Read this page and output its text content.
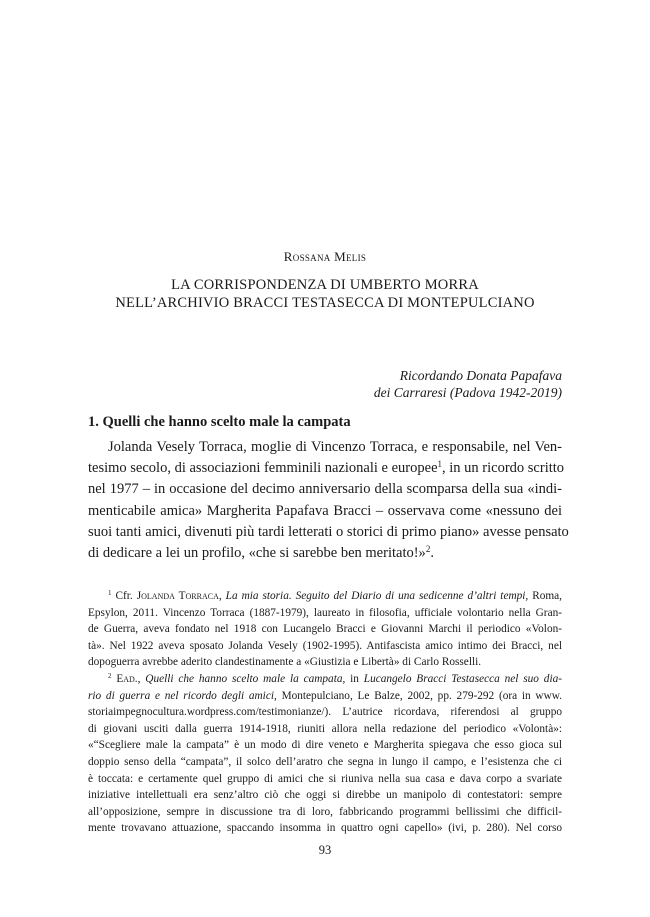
Rossana Melis
LA CORRISPONDENZA DI UMBERTO MORRA
NELL’ARCHIVIO BRACCI TESTASECCA DI MONTEPULCIANO
Ricordando Donata Papafava
dei Carraresi (Padova 1942-2019)
1. Quelli che hanno scelto male la campata
Jolanda Vesely Torraca, moglie di Vincenzo Torraca, e responsabile, nel Ven-
tesimo secolo, di associazioni femminili nazionali e europee$^1$, in un ricordo scritto
nel 1977 – in occasione del decimo anniversario della scomparsa della sua «indi-
menticabile amica» Margherita Papafava Bracci – osservava come «nessuno dei
suoi tanti amici, divenuti più tardi letterati o storici di primo piano» avesse pensato
di dedicare a lei un profilo, «che si sarebbe ben meritato!»$^2$.
$^1$ Cfr. Jolanda Torraca, La mia storia. Seguito del Diario di una sedicenne d’altri tempi, Roma,
Epsylon, 2011. Vincenzo Torraca (1887-1979), laureato in filosofia, ufficiale volontario nella Gran-
de Guerra, aveva fondato nel 1918 con Lucangelo Bracci e Giovanni Marchi il periodico «Volon-
tà». Nel 1922 aveva sposato Jolanda Vesely (1902-1995). Antifascista amico intimo dei Bracci, nel
dopoguerra avrebbe aderito clandestinamente a «Giustizia e Libertà» di Carlo Rosselli.
$^2$ Ead., Quelli che hanno scelto male la campata, in Lucangelo Bracci Testasecca nel suo dia-
rio di guerra e nel ricordo degli amici, Montepulciano, Le Balze, 2002, pp. 279-292 (ora in www.
storiaimpegnocultura.wordpress.com/testimonianze/). L’autrice ricordava, riferendosi al gruppo
di giovani usciti dalla guerra 1914-1918, riuniti allora nella redazione del periodico «Volontà»:
«“Scegliere male la campata” è un modo di dire veneto e Margherita spiegava che esso gioca sul
doppio senso della “campata”, il solco dell’aratro che segna in lungo il campo, e l’esistenza che ci
è toccata: e certamente quel gruppo di amici che si riuniva nella sua casa e dava corpo a svariate
iniziative intellettuali era senz’altro ciò che oggi si direbbe un manipolo di contestatori: sempre
all’opposizione, sempre in discussione tra di loro, fabbricando programmi bellissimi che difficil-
mente trovavano attuazione, spaccando insomma in quattro ogni capello» (ivi, p. 280). Nel corso
93
